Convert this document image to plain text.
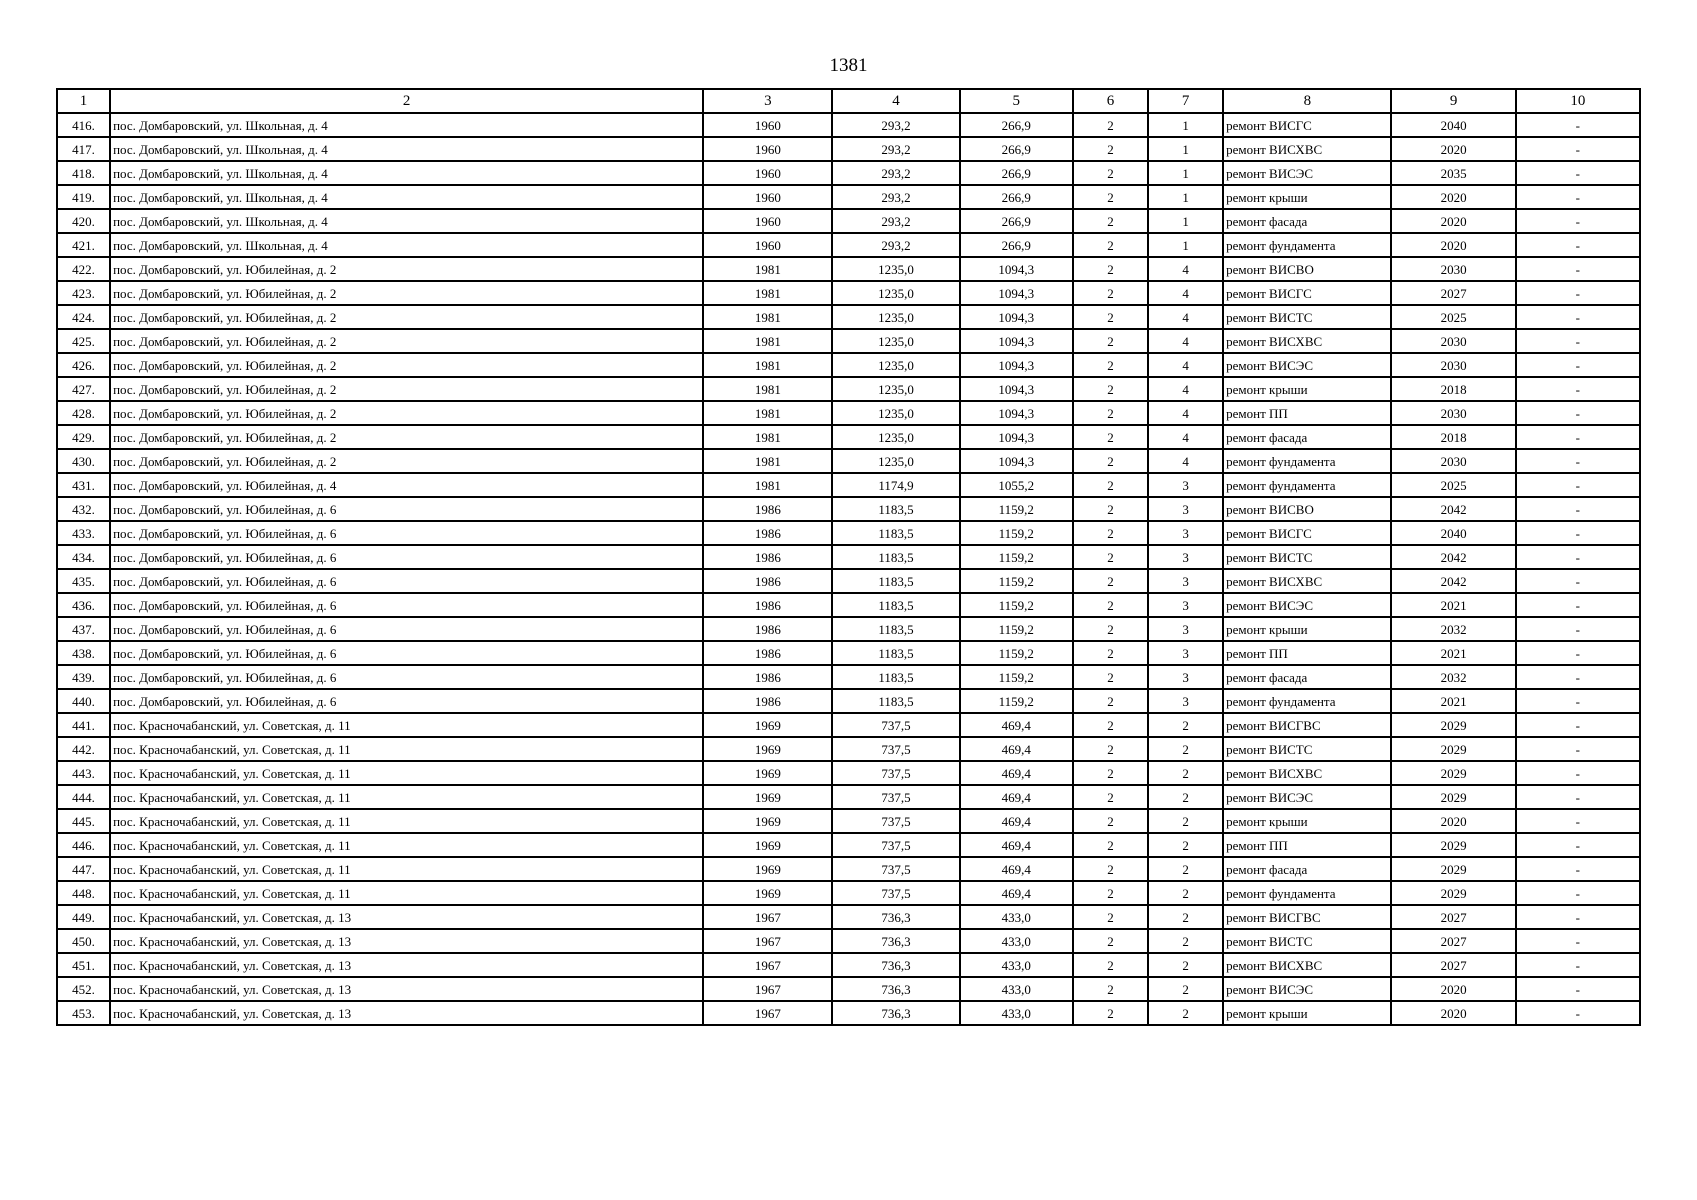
1381
1	2	3	4	5	6	7	8	9	10
416.	пос. Домбаровский, ул. Школьная, д. 4	1960	293,2	266,9	2	1	ремонт ВИСГС	2040	-
417.	пос. Домбаровский, ул. Школьная, д. 4	1960	293,2	266,9	2	1	ремонт ВИСХВС	2020	-
418.	пос. Домбаровский, ул. Школьная, д. 4	1960	293,2	266,9	2	1	ремонт ВИСЭС	2035	-
419.	пос. Домбаровский, ул. Школьная, д. 4	1960	293,2	266,9	2	1	ремонт крыши	2020	-
420.	пос. Домбаровский, ул. Школьная, д. 4	1960	293,2	266,9	2	1	ремонт фасада	2020	-
421.	пос. Домбаровский, ул. Школьная, д. 4	1960	293,2	266,9	2	1	ремонт фундамента	2020	-
422.	пос. Домбаровский, ул. Юбилейная, д. 2	1981	1235,0	1094,3	2	4	ремонт ВИСВО	2030	-
423.	пос. Домбаровский, ул. Юбилейная, д. 2	1981	1235,0	1094,3	2	4	ремонт ВИСГС	2027	-
424.	пос. Домбаровский, ул. Юбилейная, д. 2	1981	1235,0	1094,3	2	4	ремонт ВИСТС	2025	-
425.	пос. Домбаровский, ул. Юбилейная, д. 2	1981	1235,0	1094,3	2	4	ремонт ВИСХВС	2030	-
426.	пос. Домбаровский, ул. Юбилейная, д. 2	1981	1235,0	1094,3	2	4	ремонт ВИСЭС	2030	-
427.	пос. Домбаровский, ул. Юбилейная, д. 2	1981	1235,0	1094,3	2	4	ремонт крыши	2018	-
428.	пос. Домбаровский, ул. Юбилейная, д. 2	1981	1235,0	1094,3	2	4	ремонт ПП	2030	-
429.	пос. Домбаровский, ул. Юбилейная, д. 2	1981	1235,0	1094,3	2	4	ремонт фасада	2018	-
430.	пос. Домбаровский, ул. Юбилейная, д. 2	1981	1235,0	1094,3	2	4	ремонт фундамента	2030	-
431.	пос. Домбаровский, ул. Юбилейная, д. 4	1981	1174,9	1055,2	2	3	ремонт фундамента	2025	-
432.	пос. Домбаровский, ул. Юбилейная, д. 6	1986	1183,5	1159,2	2	3	ремонт ВИСВО	2042	-
433.	пос. Домбаровский, ул. Юбилейная, д. 6	1986	1183,5	1159,2	2	3	ремонт ВИСГС	2040	-
434.	пос. Домбаровский, ул. Юбилейная, д. 6	1986	1183,5	1159,2	2	3	ремонт ВИСТС	2042	-
435.	пос. Домбаровский, ул. Юбилейная, д. 6	1986	1183,5	1159,2	2	3	ремонт ВИСХВС	2042	-
436.	пос. Домбаровский, ул. Юбилейная, д. 6	1986	1183,5	1159,2	2	3	ремонт ВИСЭС	2021	-
437.	пос. Домбаровский, ул. Юбилейная, д. 6	1986	1183,5	1159,2	2	3	ремонт крыши	2032	-
438.	пос. Домбаровский, ул. Юбилейная, д. 6	1986	1183,5	1159,2	2	3	ремонт ПП	2021	-
439.	пос. Домбаровский, ул. Юбилейная, д. 6	1986	1183,5	1159,2	2	3	ремонт фасада	2032	-
440.	пос. Домбаровский, ул. Юбилейная, д. 6	1986	1183,5	1159,2	2	3	ремонт фундамента	2021	-
441.	пос. Красночабанский, ул. Советская, д. 11	1969	737,5	469,4	2	2	ремонт ВИСГВС	2029	-
442.	пос. Красночабанский, ул. Советская, д. 11	1969	737,5	469,4	2	2	ремонт ВИСТС	2029	-
443.	пос. Красночабанский, ул. Советская, д. 11	1969	737,5	469,4	2	2	ремонт ВИСХВС	2029	-
444.	пос. Красночабанский, ул. Советская, д. 11	1969	737,5	469,4	2	2	ремонт ВИСЭС	2029	-
445.	пос. Красночабанский, ул. Советская, д. 11	1969	737,5	469,4	2	2	ремонт крыши	2020	-
446.	пос. Красночабанский, ул. Советская, д. 11	1969	737,5	469,4	2	2	ремонт ПП	2029	-
447.	пос. Красночабанский, ул. Советская, д. 11	1969	737,5	469,4	2	2	ремонт фасада	2029	-
448.	пос. Красночабанский, ул. Советская, д. 11	1969	737,5	469,4	2	2	ремонт фундамента	2029	-
449.	пос. Красночабанский, ул. Советская, д. 13	1967	736,3	433,0	2	2	ремонт ВИСГВС	2027	-
450.	пос. Красночабанский, ул. Советская, д. 13	1967	736,3	433,0	2	2	ремонт ВИСТС	2027	-
451.	пос. Красночабанский, ул. Советская, д. 13	1967	736,3	433,0	2	2	ремонт ВИСХВС	2027	-
452.	пос. Красночабанский, ул. Советская, д. 13	1967	736,3	433,0	2	2	ремонт ВИСЭС	2020	-
453.	пос. Красночабанский, ул. Советская, д. 13	1967	736,3	433,0	2	2	ремонт крыши	2020	-
